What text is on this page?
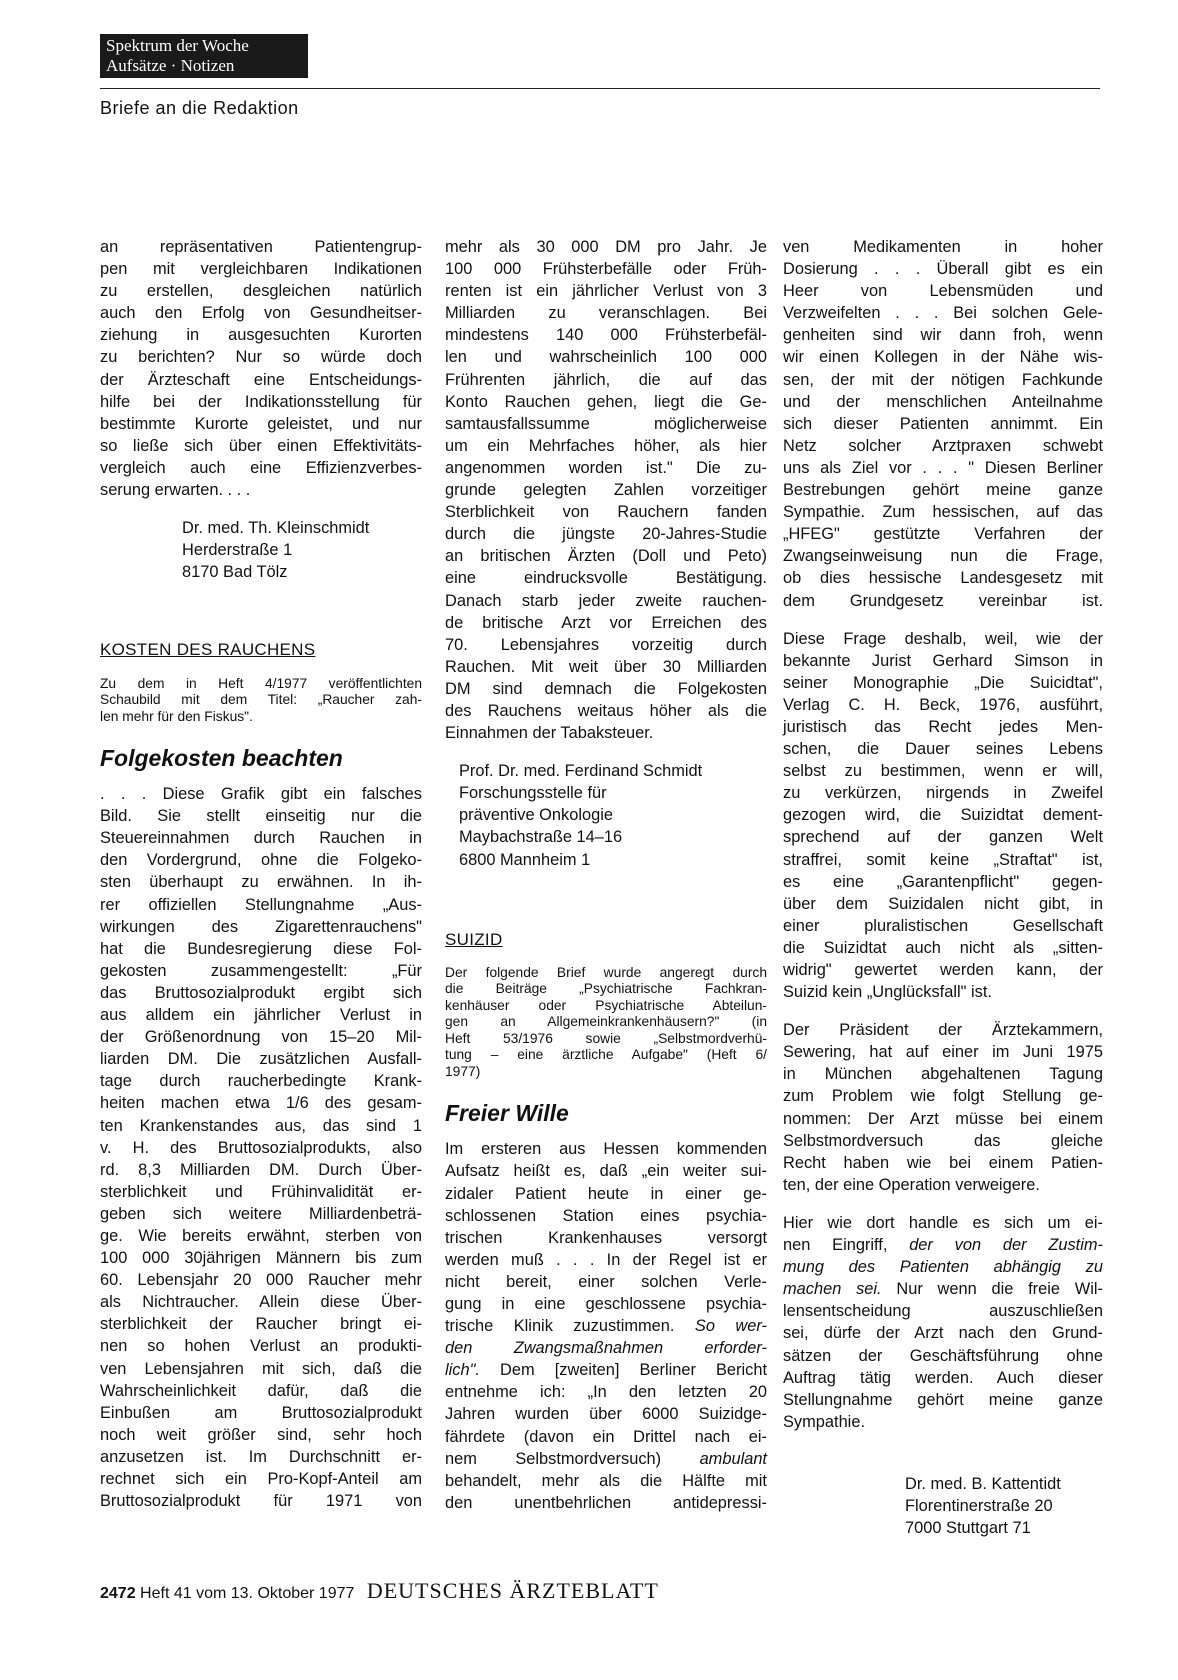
Spektrum der Woche
Aufsätze · Notizen
Briefe an die Redaktion

an repräsentativen Patientengrup-

pen mit vergleichbaren Indikationen

zu erstellen, desgleichen natürlich

auch den Erfolg von Gesundheitser-

ziehung in ausgesuchten Kurorten

zu berichten? Nur so würde doch

der Ärzteschaft eine Entscheidungs-

hilfe bei der Indikationsstellung für

bestimmte Kurorte geleistet, und nur

so ließe sich über einen Effektivitäts-

vergleich auch eine Effizienzverbes-

serung erwarten. . . .

Dr. med. Th. Kleinschmidt
Herderstraße 1
8170 Bad Tölz
KOSTEN DES RAUCHENS

Zu dem in Heft 4/1977 veröffentlichten

Schaubild mit dem Titel: „Raucher zah-

len mehr für den Fiskus".

Folgekosten beachten

. . . Diese Grafik gibt ein falsches

Bild. Sie stellt einseitig nur die

Steuereinnahmen durch Rauchen in

den Vordergrund, ohne die Folgeko-

sten überhaupt zu erwähnen. In ih-

rer offiziellen Stellungnahme „Aus-

wirkungen des Zigarettenrauchens"

hat die Bundesregierung diese Fol-

gekosten zusammengestellt: „Für

das Bruttosozialprodukt ergibt sich

aus alldem ein jährlicher Verlust in

der Größenordnung von 15–20 Mil-

liarden DM. Die zusätzlichen Ausfall-

tage durch raucherbedingte Krank-

heiten machen etwa 1/6 des gesam-

ten Krankenstandes aus, das sind 1

v. H. des Bruttosozialprodukts, also

rd. 8,3 Milliarden DM. Durch Über-

sterblichkeit und Frühinvalidität er-

geben sich weitere Milliardenbeträ-

ge. Wie bereits erwähnt, sterben von

100 000 30jährigen Männern bis zum

60. Lebensjahr 20 000 Raucher mehr

als Nichtraucher. Allein diese Über-

sterblichkeit der Raucher bringt ei-

nen so hohen Verlust an produkti-

ven Lebensjahren mit sich, daß die

Wahrscheinlichkeit dafür, daß die

Einbußen am Bruttosozialprodukt

noch weit größer sind, sehr hoch

anzusetzen ist. Im Durchschnitt er-

rechnet sich ein Pro-Kopf-Anteil am

Bruttosozialprodukt für 1971 von

mehr als 30 000 DM pro Jahr. Je

100 000 Frühsterbefälle oder Früh-

renten ist ein jährlicher Verlust von 3

Milliarden zu veranschlagen. Bei

mindestens 140 000 Frühsterbefäl-

len und wahrscheinlich 100 000

Frührenten jährlich, die auf das

Konto Rauchen gehen, liegt die Ge-

samtausfallssumme möglicherweise

um ein Mehrfaches höher, als hier

angenommen worden ist." Die zu-

grunde gelegten Zahlen vorzeitiger

Sterblichkeit von Rauchern fanden

durch die jüngste 20-Jahres-Studie

an britischen Ärzten (Doll und Peto)

eine eindrucksvolle Bestätigung.

Danach starb jeder zweite rauchen-

de britische Arzt vor Erreichen des

70. Lebensjahres vorzeitig durch

Rauchen. Mit weit über 30 Milliarden

DM sind demnach die Folgekosten

des Rauchens weitaus höher als die

Einnahmen der Tabaksteuer.

Prof. Dr. med. Ferdinand Schmidt
Forschungsstelle für
präventive Onkologie
Maybachstraße 14–16
6800 Mannheim 1
SUIZID

Der folgende Brief wurde angeregt durch

die Beiträge „Psychiatrische Fachkran-

kenhäuser oder Psychiatrische Abteilun-

gen an Allgemeinkrankenhäusern?" (in

Heft 53/1976 sowie „Selbstmordverhü-

tung – eine ärztliche Aufgabe" (Heft 6/

1977)

Freier Wille

Im ersteren aus Hessen kommenden

Aufsatz heißt es, daß „ein weiter sui-

zidaler Patient heute in einer ge-

schlossenen Station eines psychia-

trischen Krankenhauses versorgt

werden muß . . . In der Regel ist er

nicht bereit, einer solchen Verle-

gung in eine geschlossene psychia-

trische Klinik zuzustimmen. So wer-

den Zwangsmaßnahmen erforder-

lich". Dem [zweiten] Berliner Bericht

entnehme ich: „In den letzten 20

Jahren wurden über 6000 Suizidge-

fährdete (davon ein Drittel nach ei-

nem Selbstmordversuch) ambulant

behandelt, mehr als die Hälfte mit

den unentbehrlichen antidepressi-

ven Medikamenten in hoher

Dosierung . . . Überall gibt es ein

Heer von Lebensmüden und

Verzweifelten . . . Bei solchen Gele-

genheiten sind wir dann froh, wenn

wir einen Kollegen in der Nähe wis-

sen, der mit der nötigen Fachkunde

und der menschlichen Anteilnahme

sich dieser Patienten annimmt. Ein

Netz solcher Arztpraxen schwebt

uns als Ziel vor . . . " Diesen Berliner

Bestrebungen gehört meine ganze

Sympathie. Zum hessischen, auf das

„HFEG" gestützte Verfahren der

Zwangseinweisung nun die Frage,

ob dies hessische Landesgesetz mit

dem Grundgesetz vereinbar ist.

Diese Frage deshalb, weil, wie der

bekannte Jurist Gerhard Simson in

seiner Monographie „Die Suicidtat",

Verlag C. H. Beck, 1976, ausführt,

juristisch das Recht jedes Men-

schen, die Dauer seines Lebens

selbst zu bestimmen, wenn er will,

zu verkürzen, nirgends in Zweifel

gezogen wird, die Suizidtat dement-

sprechend auf der ganzen Welt

straffrei, somit keine „Straftat" ist,

es eine „Garantenpflicht" gegen-

über dem Suizidalen nicht gibt, in

einer pluralistischen Gesellschaft

die Suizidtat auch nicht als „sitten-

widrig" gewertet werden kann, der

Suizid kein „Unglücksfall" ist.

Der Präsident der Ärztekammern,

Sewering, hat auf einer im Juni 1975

in München abgehaltenen Tagung

zum Problem wie folgt Stellung ge-

nommen: Der Arzt müsse bei einem

Selbstmordversuch das gleiche

Recht haben wie bei einem Patien-

ten, der eine Operation verweigere.

Hier wie dort handle es sich um ei-

nen Eingriff, der von der Zustim-

mung des Patienten abhängig zu

machen sei. Nur wenn die freie Wil-

lensentscheidung auszuschließen

sei, dürfe der Arzt nach den Grund-

sätzen der Geschäftsführung ohne

Auftrag tätig werden. Auch dieser

Stellungnahme gehört meine ganze

Sympathie.

Dr. med. B. Kattentidt
Florentinerstraße 20
7000 Stuttgart 71
2472 Heft 41 vom 13. Oktober 1977 DEUTSCHES ÄRZTEBLATT
